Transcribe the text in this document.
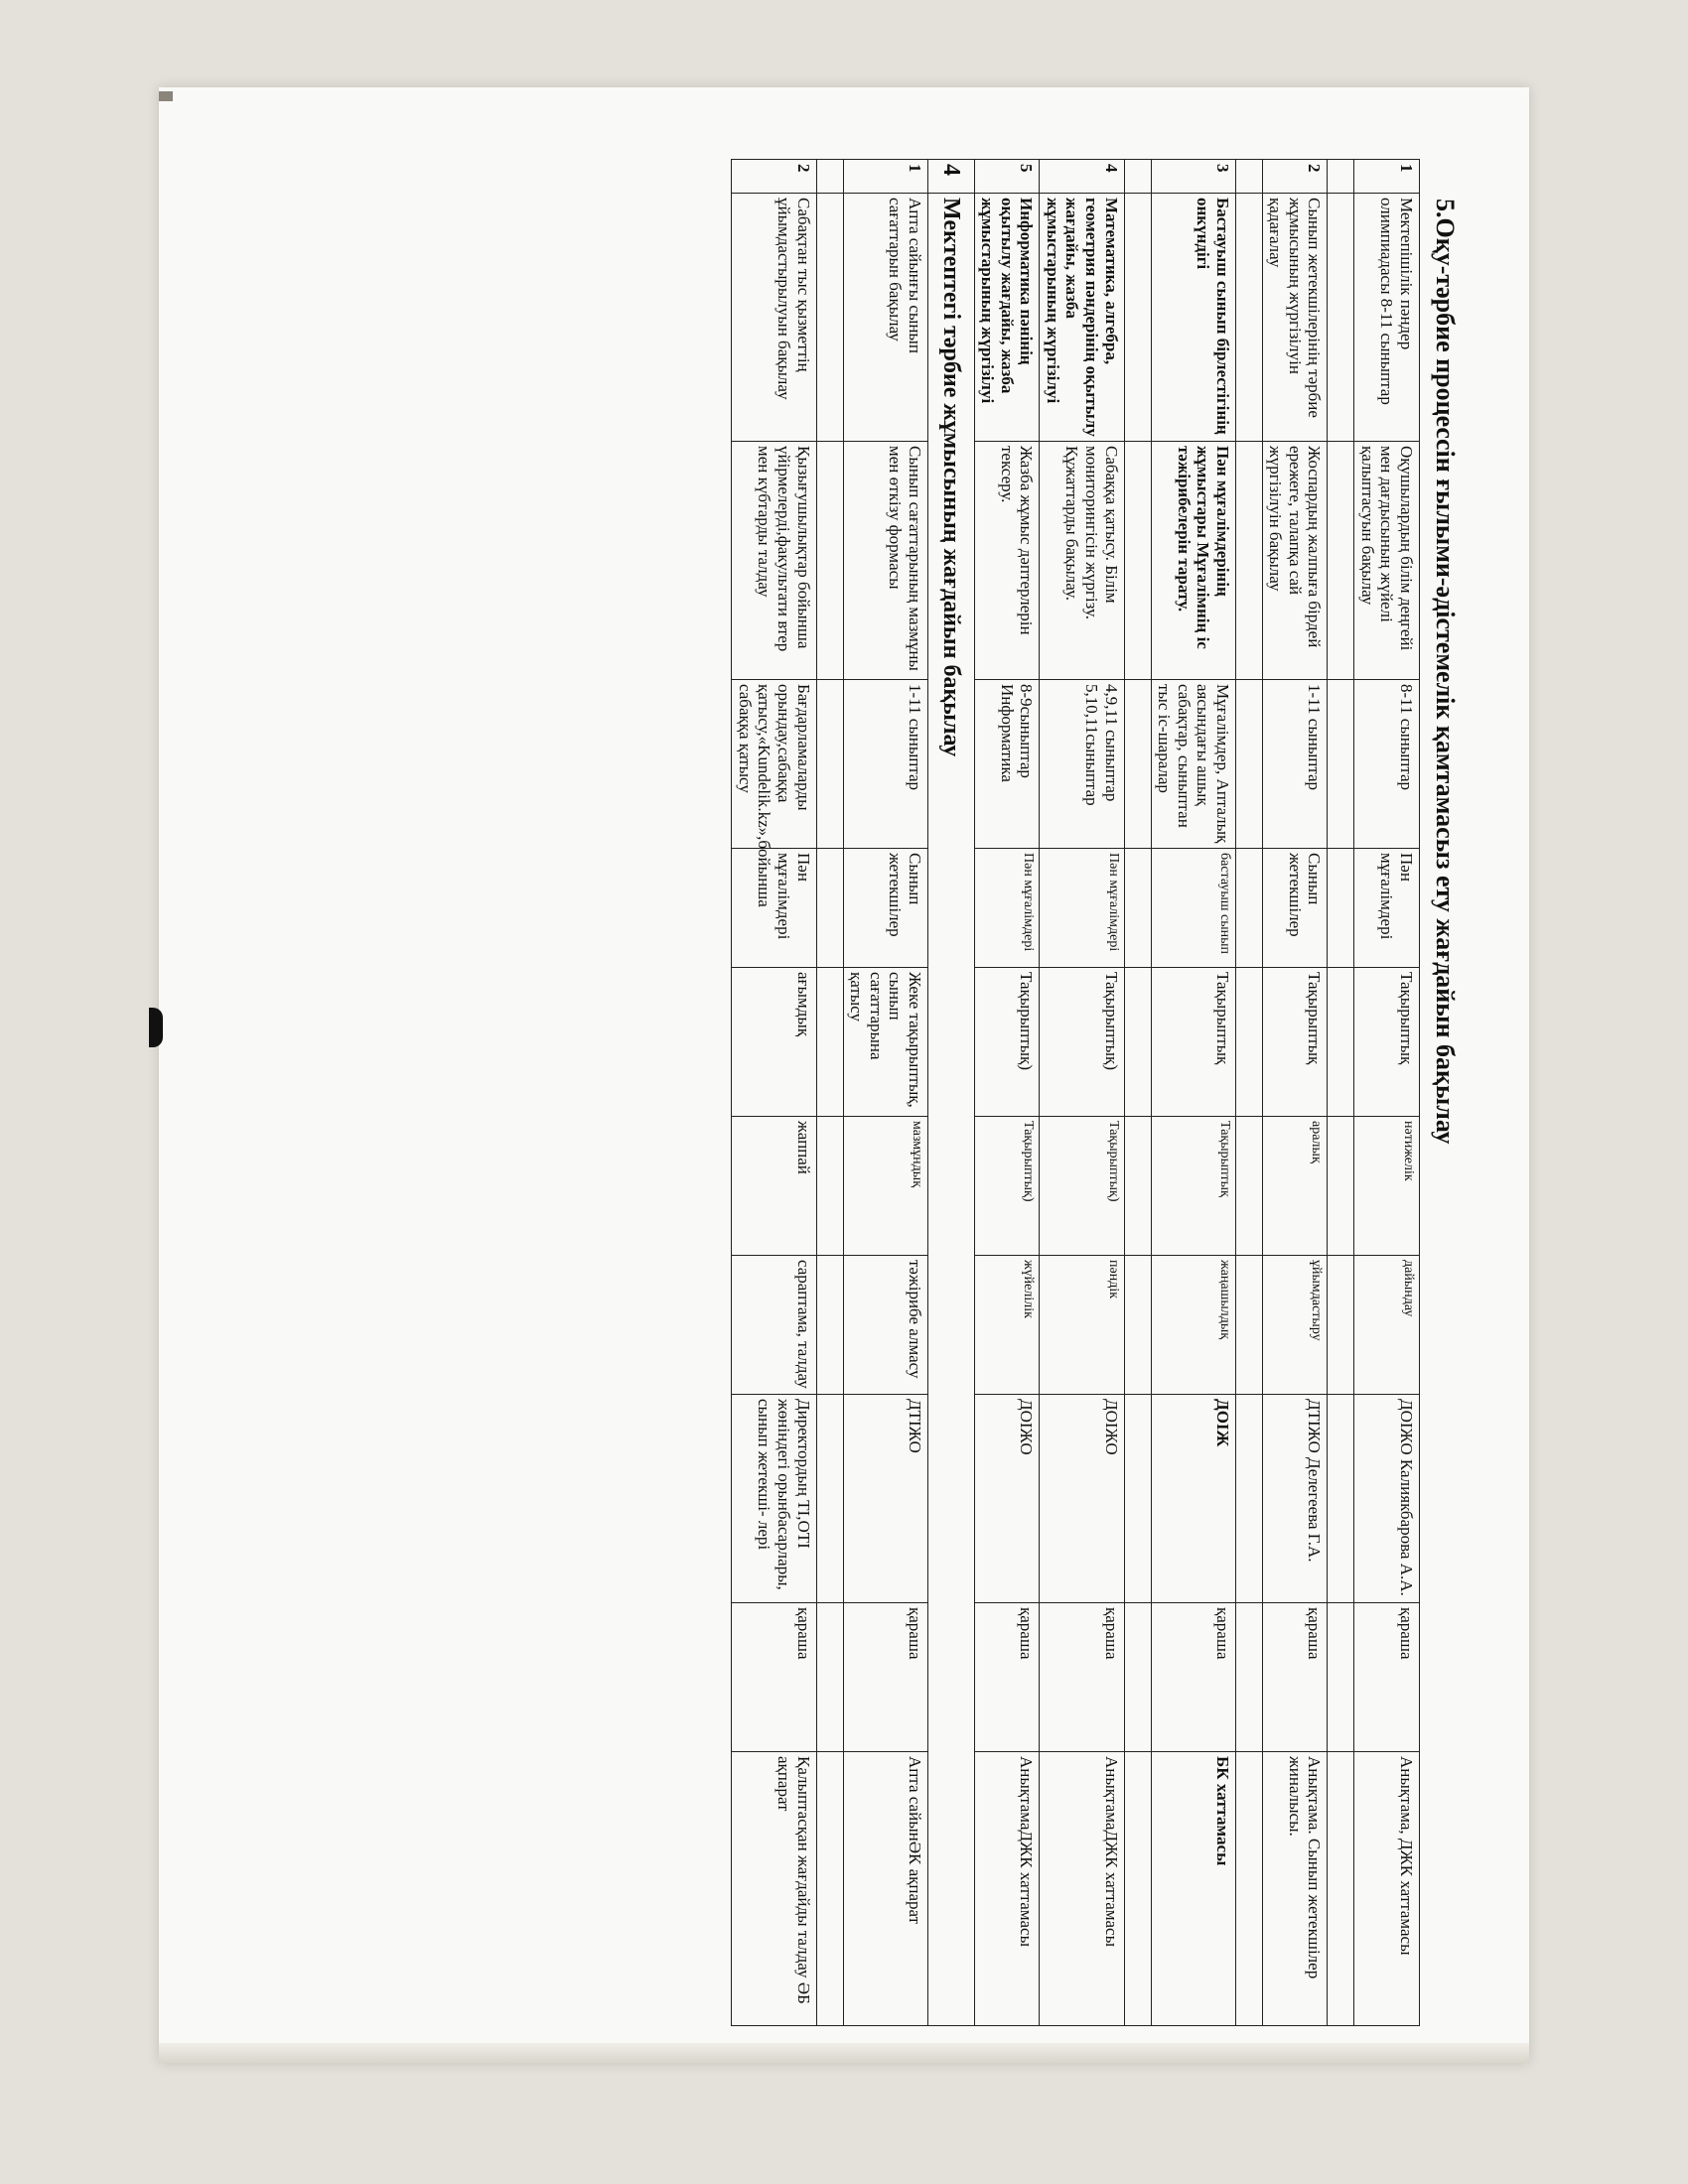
5.Оқу-тәрбие процессін ғылыми-әдістемелік қамтамасыз ету жағдайын бақылау
1	Мектепішілік пәндер олимпиадасы 8-11 сыныптар	Оқушылардың білім деңгейі мен дағдысының жүйелі қалыптасуын бақылау	8-11 сыныптар	Пән мұғалімдері	Тақырыптық	нәтижелік	дайындау	ДОІЖО Калиякбарова А.А.	қараша	Анықтама, ДЖК хаттамасы

2	Сынып жетекшілерінің тәрбие жұмысының жүргізілуін қадағалау	Жоспардың жалпыға бірдей ережеге, талапқа сай жүргізілуін бақылау	1-11 сыныптар	Сынып жетекшілер	Тақырыптық	аралық	ұйымдастыру	ДТІЖО Делегеева Г.А.	қараша	Анықтама. Сынып жетекшілер жиналысы.

3	Бастауыш сынып бірлестігінің онкүндігі	Пән мұғалімдерінің жұмыстары Мұғалімнің іс тәжірибелерін тарату.	Мұғалімдер, Апталық аясындағы ашық сабақтар, сыныптан тыс іс-шаралар	бастауыш сынып	Тақырыптық	Тақырыптық	жаңашылдық	ДОІЖ	қараша	БК хаттамасы

4	Математика, алгебра, геометрия пәндерінің оқытылу жағдайы, жазба жұмыстарының жүргізілуі	Сабаққа қатысу. Білім мониторингісін жүргізу. Құжаттарды бақылау.	4,9,11 сыныптар 5,10,11сыныптар	Пән мұғалімдері	Тақырыптық)	Тақырыптық)	пәндік	ДОІЖО	қараша	АнықтамаДЖК хаттамасы
5	Информатика пәнінің оқытылу жағдайы, жазба жұмыстарының жүргізілуі	Жазба жұмыс дәптерлерін тексеру.	8-9сыныптар Информатика	Пән мұғалімдері	Тақырыптық)	Тақырыптық)	жүйелілік	ДОІЖО	қараша	АнықтамаДЖК хаттамасы
4	Мектептегі тәрбие жұмысының жағдайын бақылау									
1	Апта сайынғы сынып сағаттарын бақылау	Сынып сағаттарының мазмұны мен өткізу формасы	1-11 сыныптар	Сынып жетекшілер	Жеке тақырыптық, сынып сағаттарына қатысу	мазмұндық	тәжірибе алмасу	ДТІЖО	қараша	Апта сайынӘК ақпарат

2	Сабақтан тыс қызметтің ұйымдастырылуын бақылау	Қызығушылықтар бойынша үйірмелерді,факультати втер мен күбтарды талдау	Бағдарламаларды орындау,сабаққа қатысу,«Kundelik.kz»,бойынша сабаққа қатысу	Пән мұғалімдері	ағымдық	жаппай	сараптама, талдау	Директордың ТІ,ОТІ жөніндегі орынбасарлары, сынып жетекші- лері	қараша	Қалыптасқан жағдайды талдау ӘБ ақпарат
